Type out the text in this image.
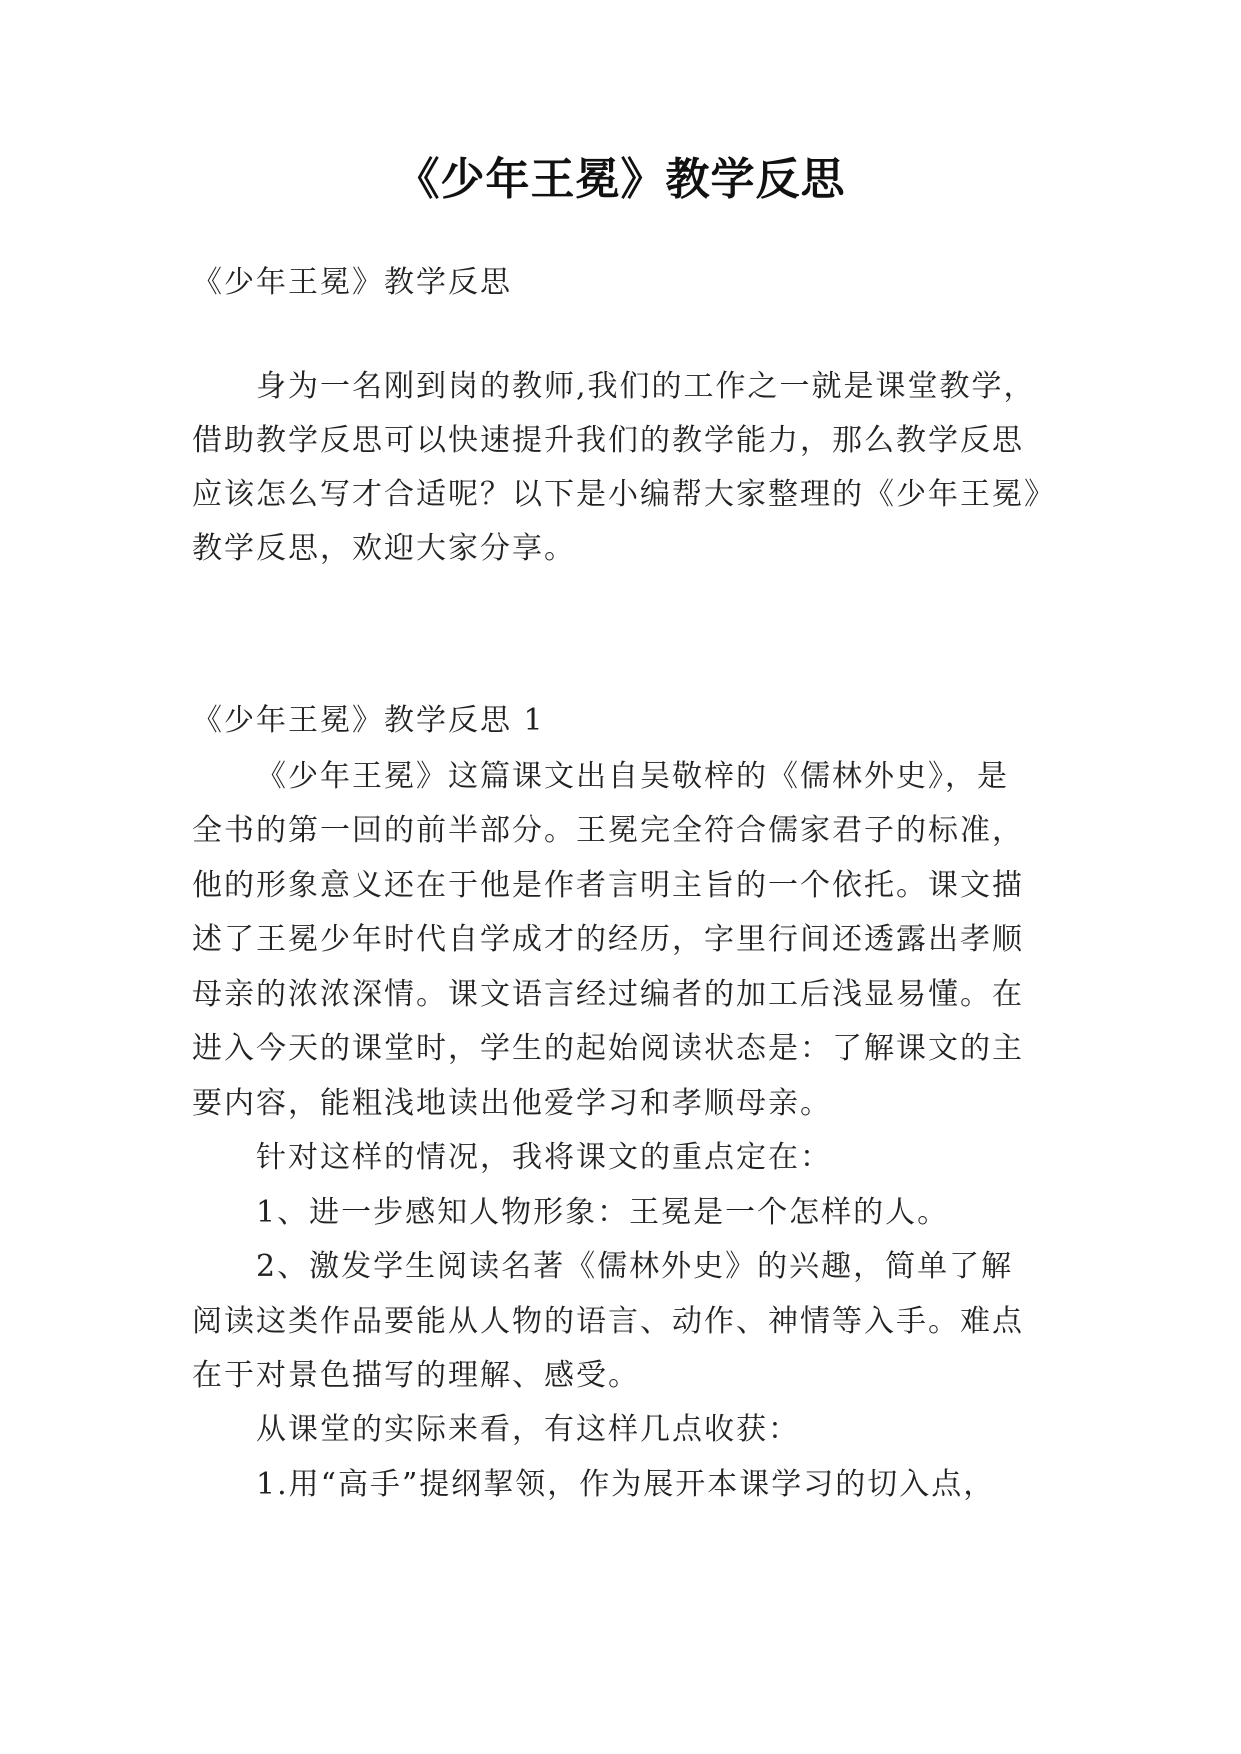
《少年王冕》教学反思
《少年王冕》教学反思
身为一名刚到岗的教师,我们的工作之一就是课堂教学，
借助教学反思可以快速提升我们的教学能力，那么教学反思
应该怎么写才合适呢？以下是小编帮大家整理的《少年王冕》
教学反思，欢迎大家分享。
《少年王冕》教学反思 1
《少年王冕》这篇课文出自吴敬梓的《儒林外史》，是
全书的第一回的前半部分。王冕完全符合儒家君子的标准，
他的形象意义还在于他是作者言明主旨的一个依托。课文描
述了王冕少年时代自学成才的经历，字里行间还透露出孝顺
母亲的浓浓深情。课文语言经过编者的加工后浅显易懂。在
进入今天的课堂时，学生的起始阅读状态是：了解课文的主
要内容，能粗浅地读出他爱学习和孝顺母亲。
针对这样的情况，我将课文的重点定在：
1、进一步感知人物形象：王冕是一个怎样的人。
2、激发学生阅读名著《儒林外史》的兴趣，简单了解
阅读这类作品要能从人物的语言、动作、神情等入手。难点
在于对景色描写的理解、感受。
从课堂的实际来看，有这样几点收获：
1.用“高手”提纲挈领，作为展开本课学习的切入点，
